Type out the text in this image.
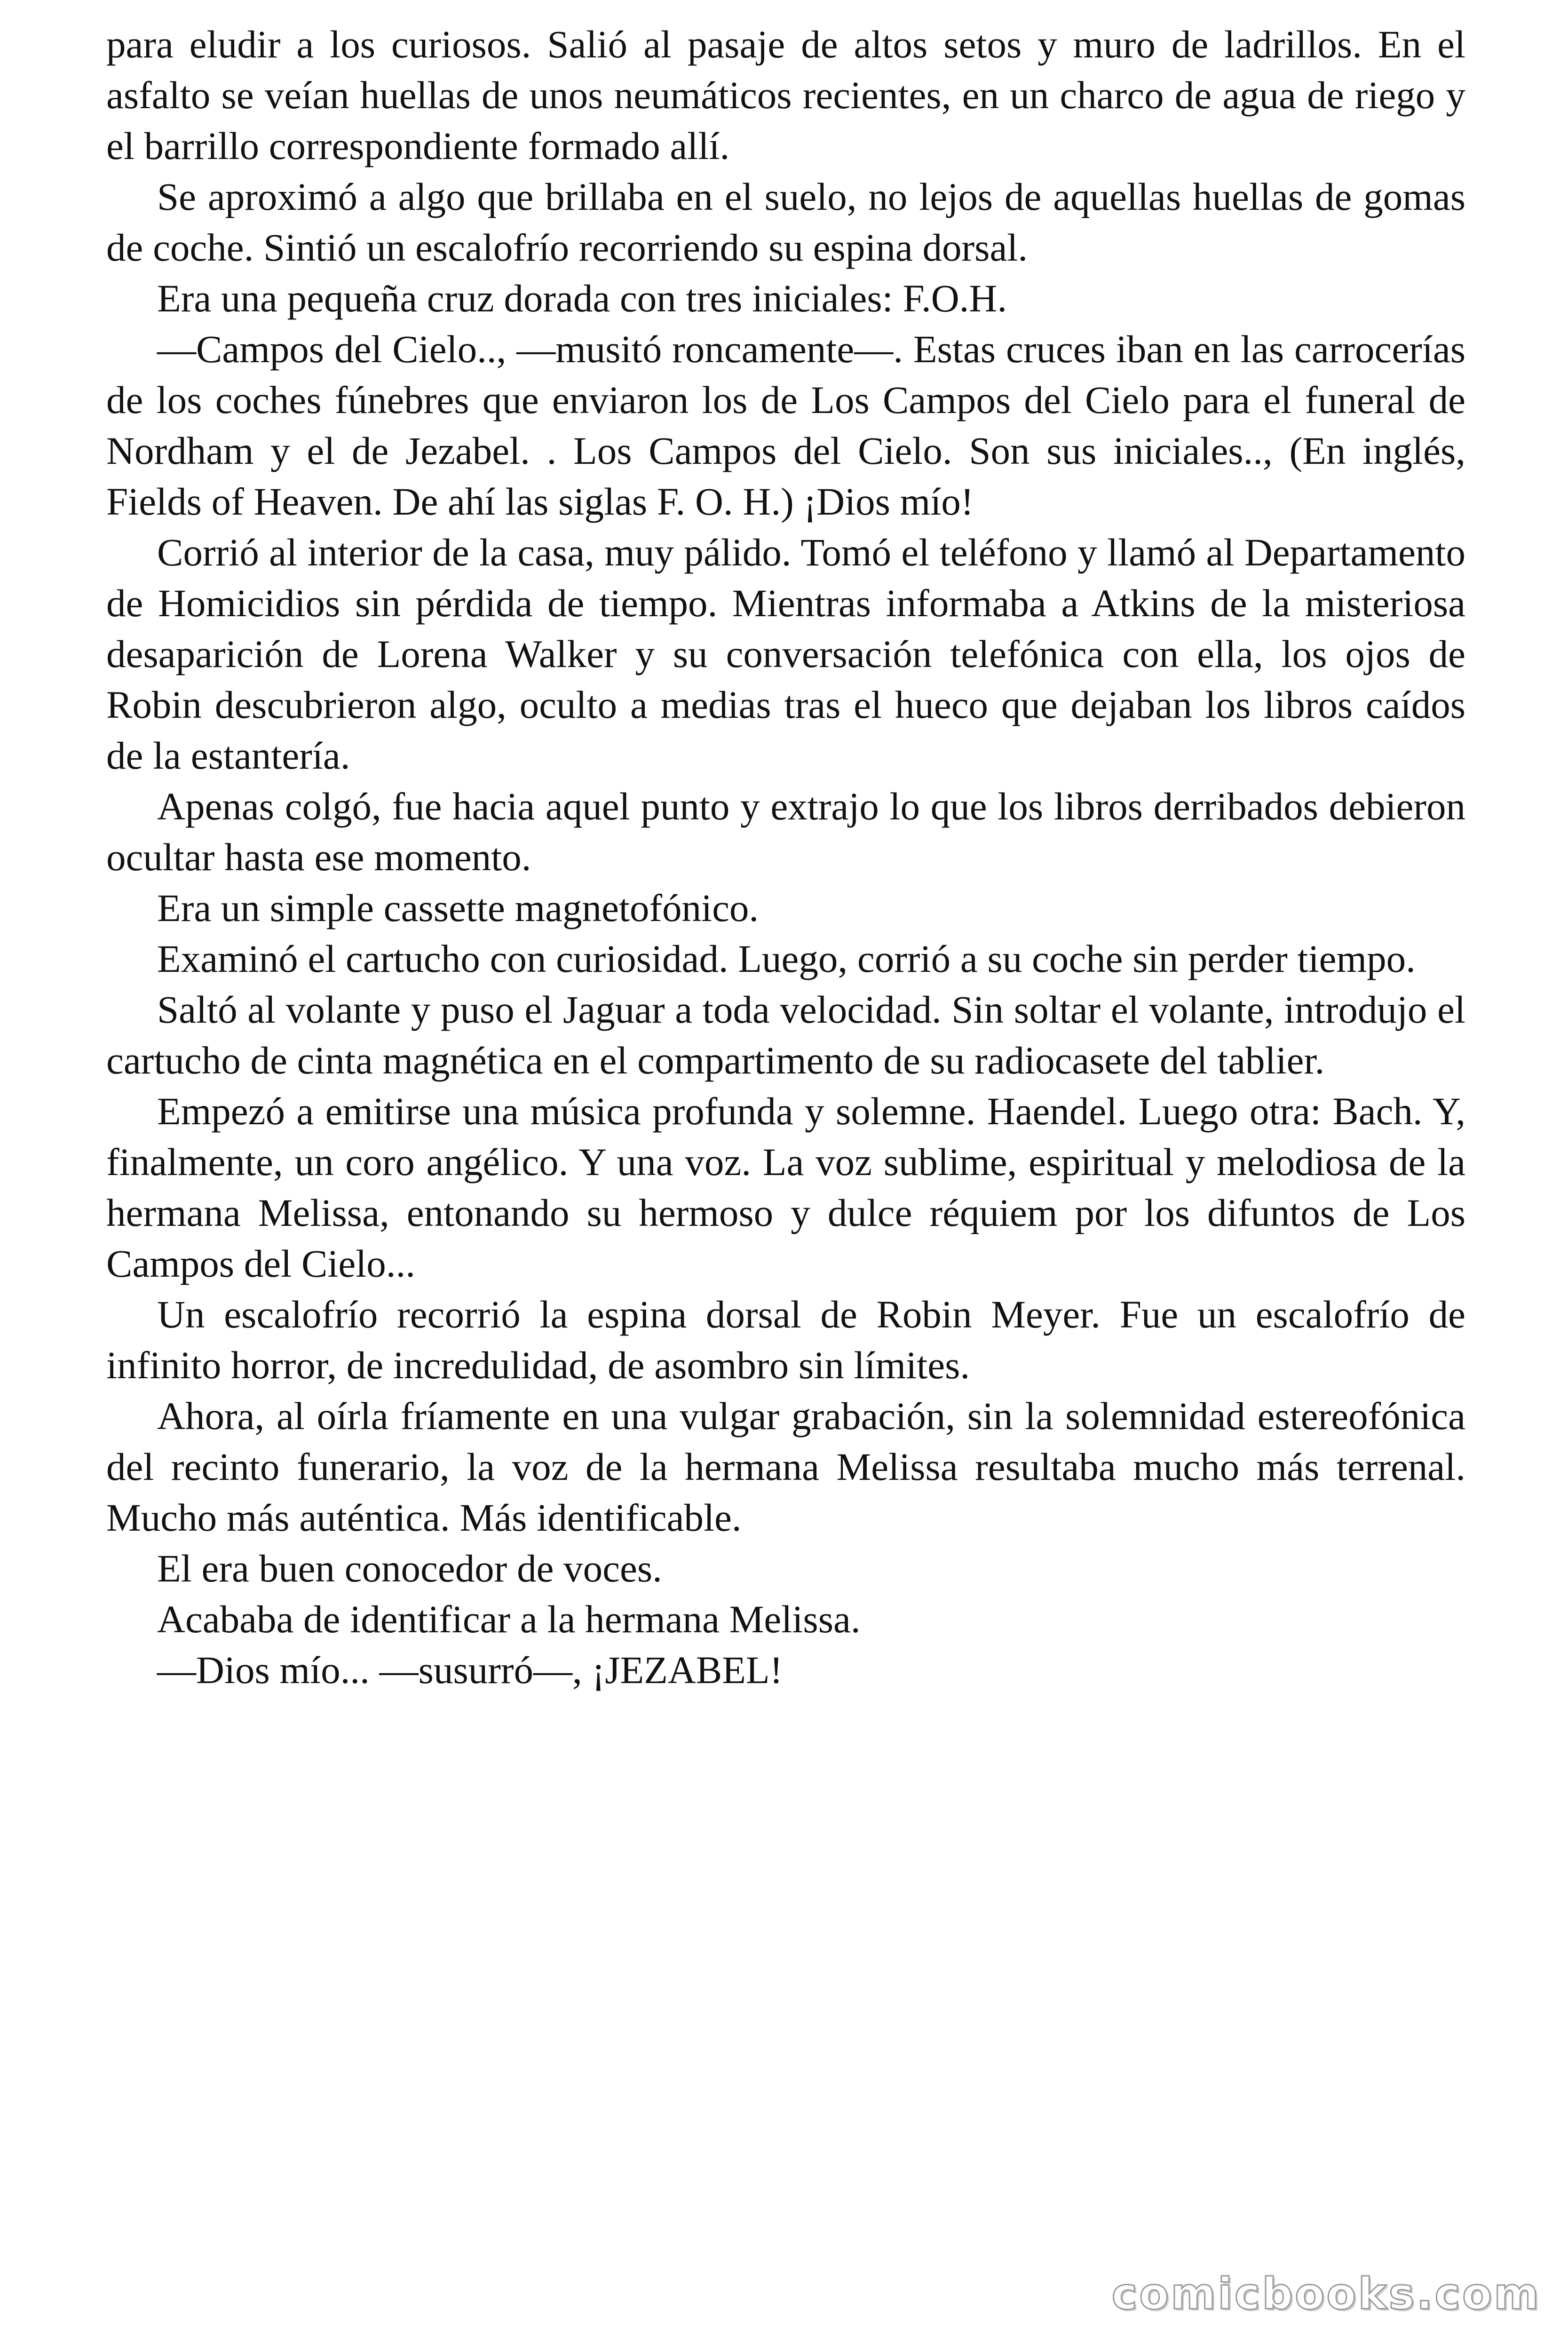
para eludir a los curiosos. Salió al pasaje de altos setos y muro de ladrillos. En el asfalto se veían huellas de unos neumáticos recientes, en un charco de agua de riego y el barrillo correspondiente formado allí.

Se aproximó a algo que brillaba en el suelo, no lejos de aquellas huellas de gomas de coche. Sintió un escalofrío recorriendo su espina dorsal.

Era una pequeña cruz dorada con tres iniciales: F.O.H.

—Campos del Cielo.., —musitó roncamente—. Estas cruces iban en las carrocerías de los coches fúnebres que enviaron los de Los Campos del Cielo para el funeral de Nordham y el de Jezabel. . Los Campos del Cielo. Son sus iniciales.., (En inglés, Fields of Heaven. De ahí las siglas F. O. H.) ¡Dios mío!

Corrió al interior de la casa, muy pálido. Tomó el teléfono y llamó al Departamento de Homicidios sin pérdida de tiempo. Mientras informaba a Atkins de la misteriosa desaparición de Lorena Walker y su conversación telefónica con ella, los ojos de Robin descubrieron algo, oculto a medias tras el hueco que dejaban los libros caídos de la estantería.

Apenas colgó, fue hacia aquel punto y extrajo lo que los libros derribados debieron ocultar hasta ese momento.

Era un simple cassette magnetofónico.

Examinó el cartucho con curiosidad. Luego, corrió a su coche sin perder tiempo.

Saltó al volante y puso el Jaguar a toda velocidad. Sin soltar el volante, introdujo el cartucho de cinta magnética en el compartimento de su radiocasete del tablier.

Empezó a emitirse una música profunda y solemne. Haendel. Luego otra: Bach. Y, finalmente, un coro angélico. Y una voz. La voz sublime, espiritual y melodiosa de la hermana Melissa, entonando su hermoso y dulce réquiem por los difuntos de Los Campos del Cielo...

Un escalofrío recorrió la espina dorsal de Robin Meyer. Fue un escalofrío de infinito horror, de incredulidad, de asombro sin límites.

Ahora, al oírla fríamente en una vulgar grabación, sin la solemnidad estereofónica del recinto funerario, la voz de la hermana Melissa resultaba mucho más terrenal. Mucho más auténtica. Más identificable.

El era buen conocedor de voces.

Acababa de identificar a la hermana Melissa.

—Dios mío... —susurró—, ¡JEZABEL!

comicbooks.com
